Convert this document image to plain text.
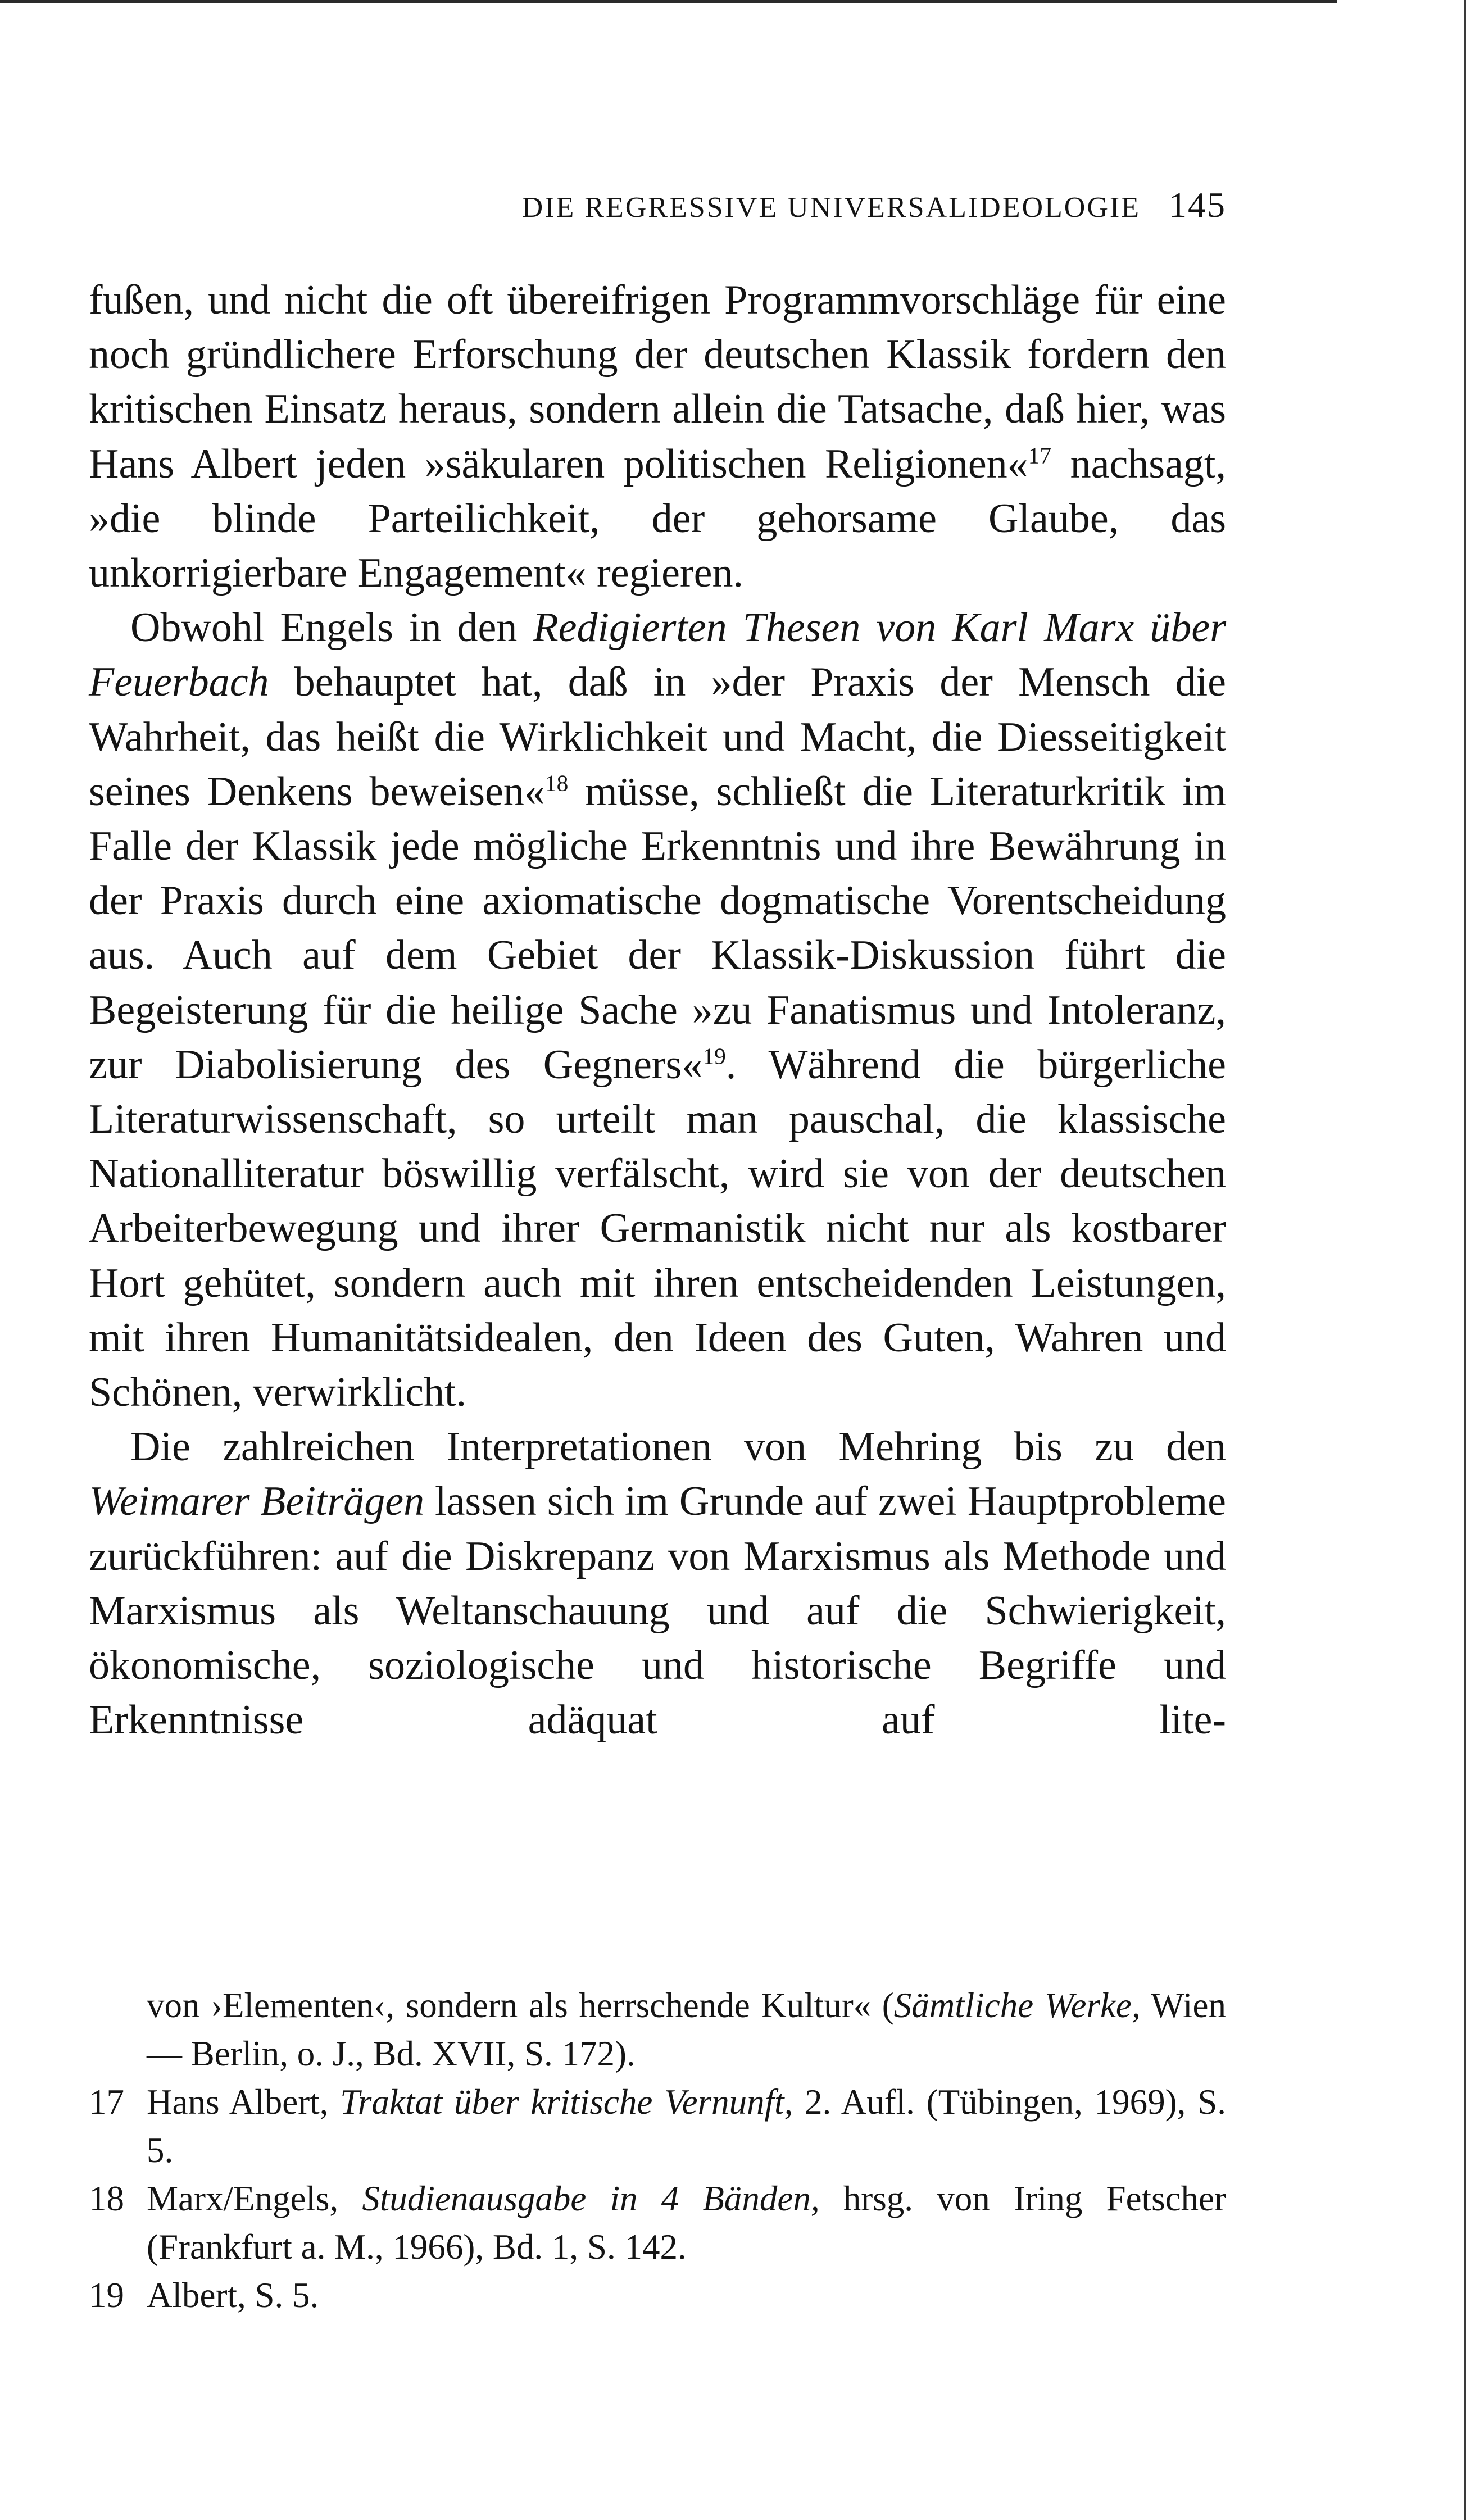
DIE REGRESSIVE UNIVERSALIDEOLOGIE 145

fußen, und nicht die oft übereifrigen Programmvorschläge für eine noch gründlichere Erforschung der deutschen Klassik fordern den kritischen Einsatz heraus, sondern allein die Tatsache, daß hier, was Hans Albert jeden »säkularen politischen Religionen«$^{17}$ nachsagt, »die blinde Parteilichkeit, der gehorsame Glaube, das unkorrigierbare Engagement« regieren.

Obwohl Engels in den Redigierten Thesen von Karl Marx über Feuerbach behauptet hat, daß in »der Praxis der Mensch die Wahrheit, das heißt die Wirklichkeit und Macht, die Diesseitigkeit seines Denkens beweisen«$^{18}$ müsse, schließt die Literaturkritik im Falle der Klassik jede mögliche Erkenntnis und ihre Bewährung in der Praxis durch eine axiomatische dogmatische Vorentscheidung aus. Auch auf dem Gebiet der Klassik-Diskussion führt die Begeisterung für die heilige Sache »zu Fanatismus und Intoleranz, zur Diabolisierung des Gegners«$^{19}$. Während die bürgerliche Literaturwissenschaft, so urteilt man pauschal, die klassische Nationalliteratur böswillig verfälscht, wird sie von der deutschen Arbeiterbewegung und ihrer Germanistik nicht nur als kostbarer Hort gehütet, sondern auch mit ihren entscheidenden Leistungen, mit ihren Humanitätsidealen, den Ideen des Guten, Wahren und Schönen, verwirklicht.

Die zahlreichen Interpretationen von Mehring bis zu den Weimarer Beiträgen lassen sich im Grunde auf zwei Hauptprobleme zurückführen: auf die Diskrepanz von Marxismus als Methode und Marxismus als Weltanschauung und auf die Schwierigkeit, ökonomische, soziologische und historische Begriffe und Erkenntnisse adäquat auf lite-

von ›Elementen‹, sondern als herrschende Kultur« (Sämtliche Werke, Wien — Berlin, o. J., Bd. XVII, S. 172).
17 Hans Albert, Traktat über kritische Vernunft, 2. Aufl. (Tübingen, 1969), S. 5.
18 Marx/Engels, Studienausgabe in 4 Bänden, hrsg. von Iring Fetscher (Frankfurt a. M., 1966), Bd. 1, S. 142.
19 Albert, S. 5.
